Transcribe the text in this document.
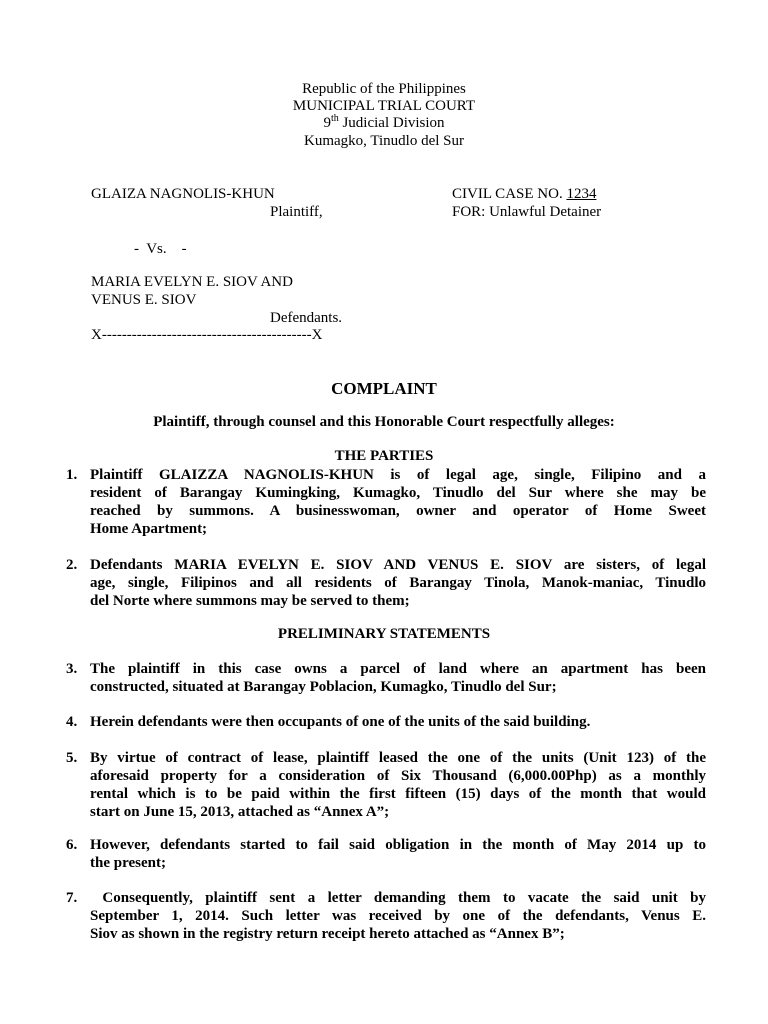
Republic of the Philippines
MUNICIPAL TRIAL COURT
9th Judicial Division
Kumagko, Tinudlo del Sur
GLAIZA NAGNOLIS-KHUN
Plaintiff,
CIVIL CASE NO. 1234
FOR: Unlawful Detainer
-  Vs.    -
MARIA EVELYN E. SIOV AND
VENUS E. SIOV
Defendants.
X------------------------------------------X
COMPLAINT
Plaintiff, through counsel and this Honorable Court respectfully alleges:
THE PARTIES
1. Plaintiff GLAIZZA NAGNOLIS-KHUN is of legal age, single, Filipino and a
resident of Barangay Kumingking, Kumagko, Tinudlo del Sur where she may be
reached by summons. A businesswoman, owner and operator of Home Sweet
Home Apartment;
2. Defendants MARIA EVELYN E. SIOV AND VENUS E. SIOV are sisters, of legal
age, single, Filipinos and all residents of Barangay Tinola, Manok-maniac, Tinudlo
del Norte where summons may be served to them;
PRELIMINARY STATEMENTS
3. The plaintiff in this case owns a parcel of land where an apartment has been
constructed, situated at Barangay Poblacion, Kumagko, Tinudlo del Sur;
4. Herein defendants were then occupants of one of the units of the said building.
5. By virtue of contract of lease, plaintiff leased the one of the units (Unit 123) of the
aforesaid property for a consideration of Six Thousand (6,000.00Php) as a monthly
rental which is to be paid within the first fifteen (15) days of the month that would
start on June 15, 2013, attached as “Annex A”;
6. However, defendants started to fail said obligation in the month of May 2014 up to
the present;
7. Consequently, plaintiff sent a letter demanding them to vacate the said unit by
September 1, 2014. Such letter was received by one of the defendants, Venus E.
Siov as shown in the registry return receipt hereto attached as “Annex B”;
